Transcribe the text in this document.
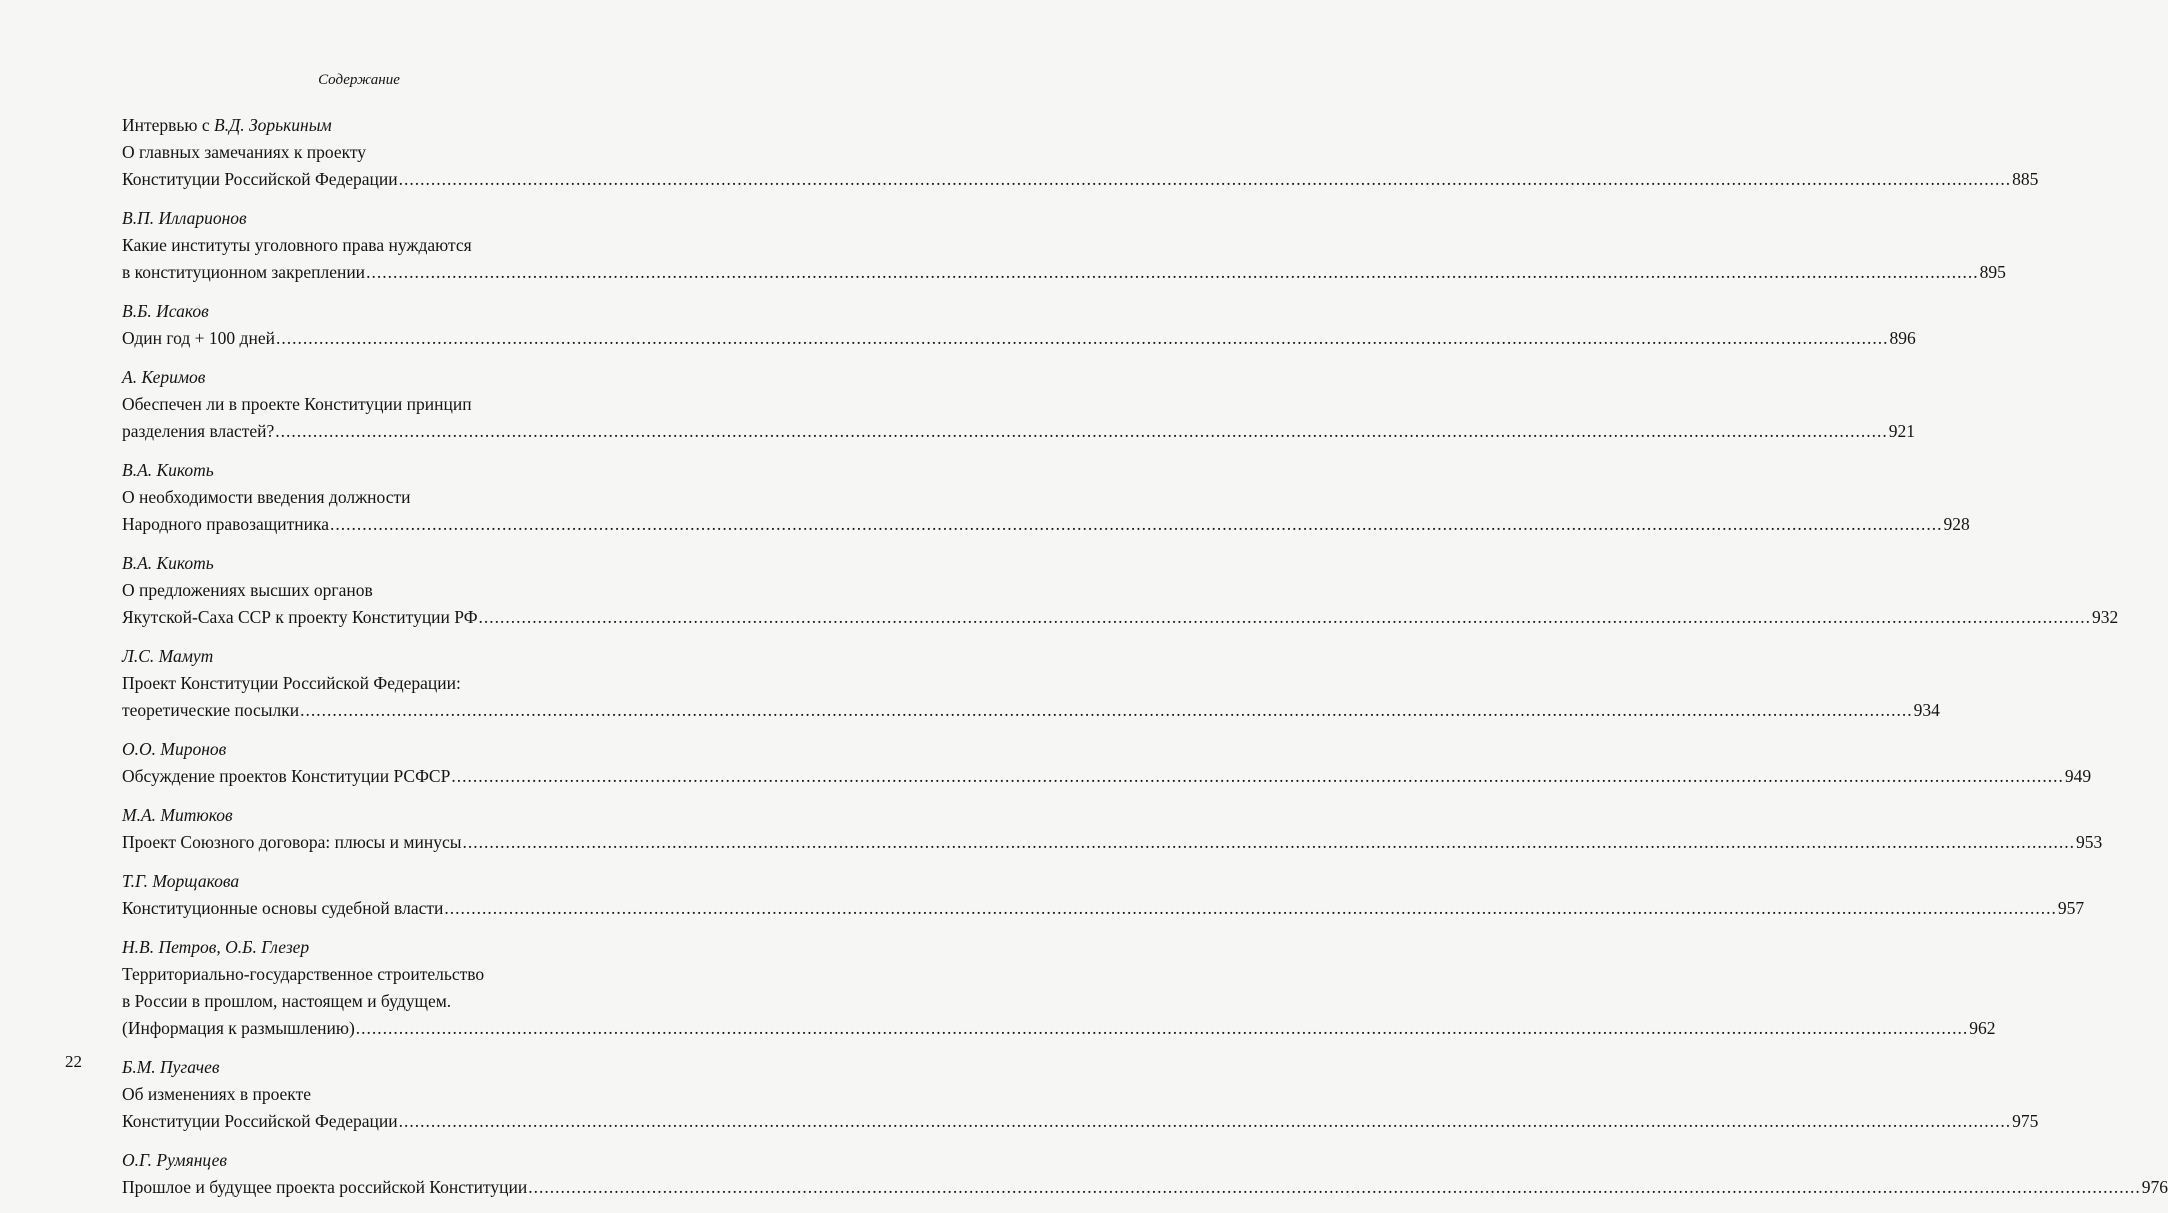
Содержание
Интервью с В.Д. Зорькиным
О главных замечаниях к проекту
Конституции Российской Федерации ............................................................................................................................................................................................................................................................................................................ 885
В.П. Илларионов
Какие институты уголовного права нуждаются
в конституционном закреплении ............................................................................................................................................................................................................................................................................................................ 895
В.Б. Исаков
Один год + 100 дней ............................................................................................................................................................................................................................................................................................................ 896
А. Керимов
Обеспечен ли в проекте Конституции принцип
разделения властей? ............................................................................................................................................................................................................................................................................................................ 921
В.А. Кикоть
О необходимости введения должности
Народного правозащитника ............................................................................................................................................................................................................................................................................................................ 928
В.А. Кикоть
О предложениях высших органов
Якутской-Саха ССР к проекту Конституции РФ ............................................................................................................................................................................................................................................................................................................ 932
Л.С. Мамут
Проект Конституции Российской Федерации:
теоретические посылки ............................................................................................................................................................................................................................................................................................................ 934
О.О. Миронов
Обсуждение проектов Конституции РСФСР ............................................................................................................................................................................................................................................................................................................ 949
М.А. Митюков
Проект Союзного договора: плюсы и минусы ............................................................................................................................................................................................................................................................................................................ 953
Т.Г. Морщакова
Конституционные основы судебной власти ............................................................................................................................................................................................................................................................................................................ 957
Н.В. Петров, О.Б. Глезер
Территориально-государственное строительство
в России в прошлом, настоящем и будущем.
(Информация к размышлению) ............................................................................................................................................................................................................................................................................................................ 962
Б.М. Пугачев
Об изменениях в проекте
Конституции Российской Федерации ............................................................................................................................................................................................................................................................................................................ 975
О.Г. Румянцев
Прошлое и будущее проекта российской Конституции ............................................................................................................................................................................................................................................................................................................ 976
22
